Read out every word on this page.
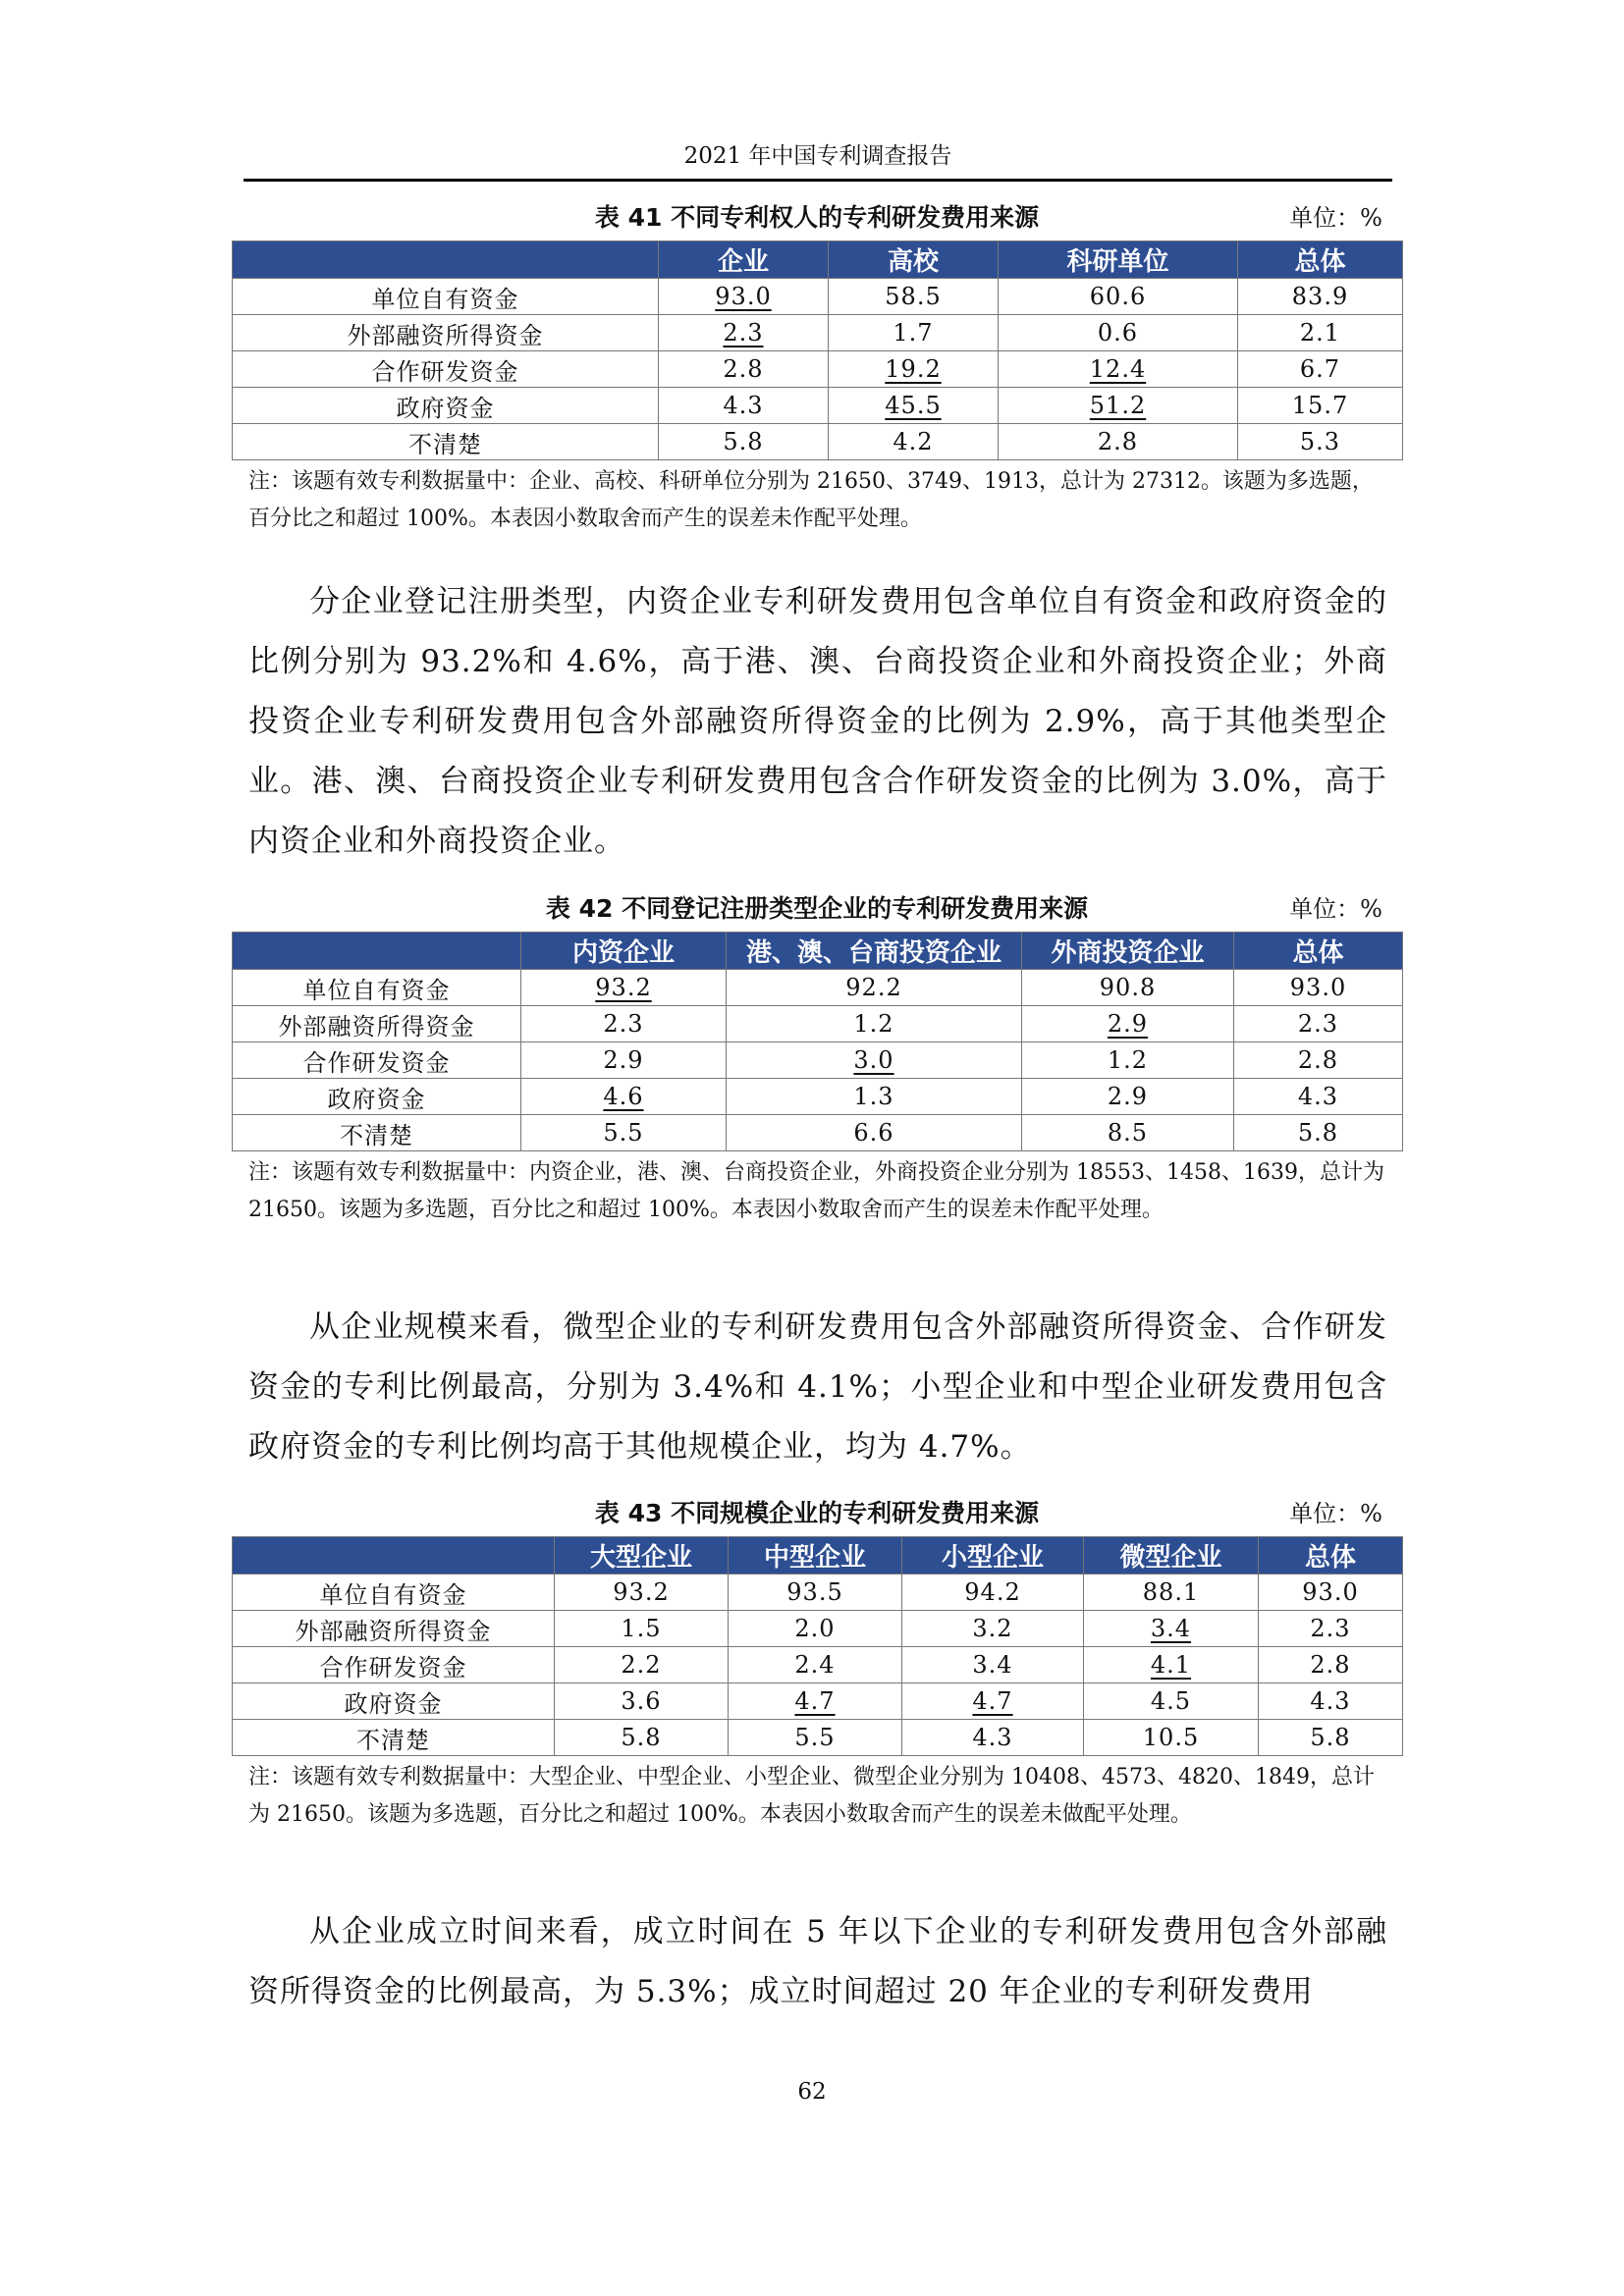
2021 年中国专利调查报告
表 41 不同专利权人的专利研发费用来源	单位：%
	企业	高校	科研单位	总体
单位自有资金	93.0	58.5	60.6	83.9
外部融资所得资金	2.3	1.7	0.6	2.1
合作研发资金	2.8	19.2	12.4	6.7
政府资金	4.3	45.5	51.2	15.7
不清楚	5.8	4.2	2.8	5.3
注：该题有效专利数据量中：企业、高校、科研单位分别为 21650、3749、1913，总计为 27312。该题为多选题，百分比之和超过 100%。本表因小数取舍而产生的误差未作配平处理。
分企业登记注册类型，内资企业专利研发费用包含单位自有资金和政府资金的比例分别为 93.2%和 4.6%，高于港、澳、台商投资企业和外商投资企业；外商投资企业专利研发费用包含外部融资所得资金的比例为 2.9%，高于其他类型企业。港、澳、台商投资企业专利研发费用包含合作研发资金的比例为 3.0%，高于内资企业和外商投资企业。
表 42 不同登记注册类型企业的专利研发费用来源	单位：%
	内资企业	港、澳、台商投资企业	外商投资企业	总体
单位自有资金	93.2	92.2	90.8	93.0
外部融资所得资金	2.3	1.2	2.9	2.3
合作研发资金	2.9	3.0	1.2	2.8
政府资金	4.6	1.3	2.9	4.3
不清楚	5.5	6.6	8.5	5.8
注：该题有效专利数据量中：内资企业，港、澳、台商投资企业，外商投资企业分别为 18553、1458、1639，总计为 21650。该题为多选题，百分比之和超过 100%。本表因小数取舍而产生的误差未作配平处理。
从企业规模来看，微型企业的专利研发费用包含外部融资所得资金、合作研发资金的专利比例最高，分别为 3.4%和 4.1%；小型企业和中型企业研发费用包含政府资金的专利比例均高于其他规模企业，均为 4.7%。
表 43 不同规模企业的专利研发费用来源	单位：%
	大型企业	中型企业	小型企业	微型企业	总体
单位自有资金	93.2	93.5	94.2	88.1	93.0
外部融资所得资金	1.5	2.0	3.2	3.4	2.3
合作研发资金	2.2	2.4	3.4	4.1	2.8
政府资金	3.6	4.7	4.7	4.5	4.3
不清楚	5.8	5.5	4.3	10.5	5.8
注：该题有效专利数据量中：大型企业、中型企业、小型企业、微型企业分别为 10408、4573、4820、1849，总计为 21650。该题为多选题，百分比之和超过 100%。本表因小数取舍而产生的误差未做配平处理。
从企业成立时间来看，成立时间在 5 年以下企业的专利研发费用包含外部融资所得资金的比例最高，为 5.3%；成立时间超过 20 年企业的专利研发费用
62
